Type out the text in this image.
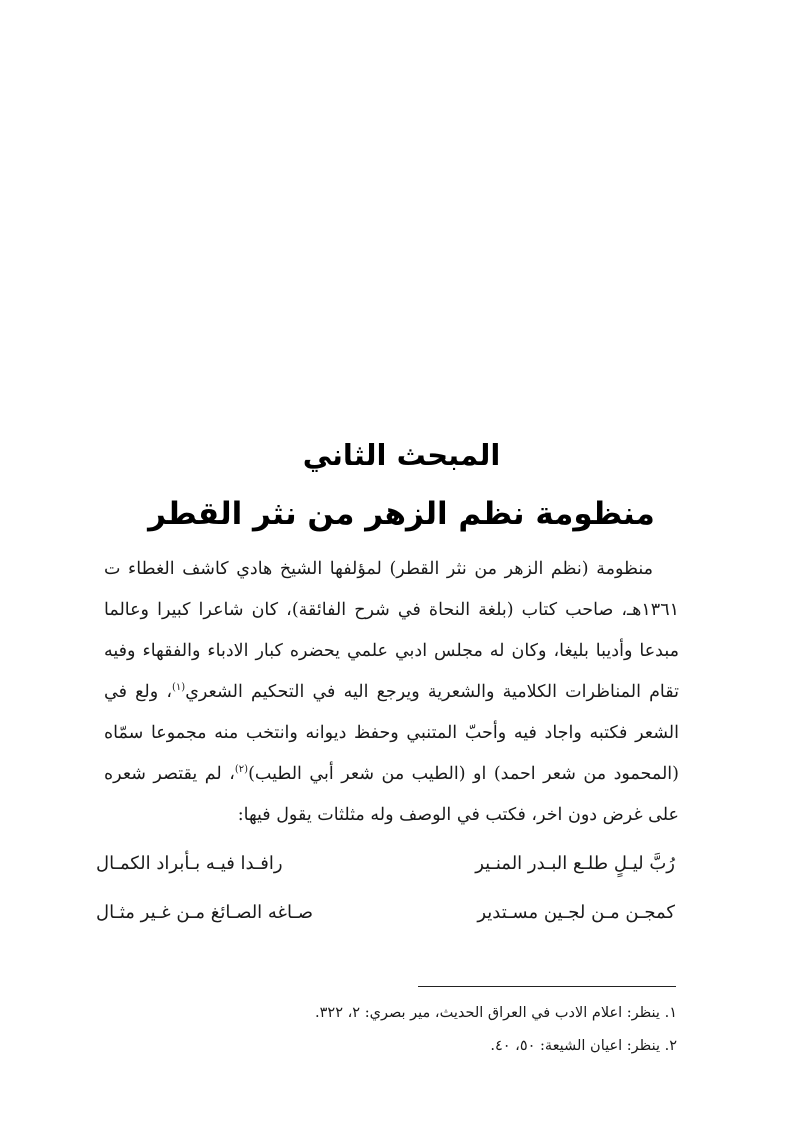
المبحث الثاني
منظومة نظم الزهر من نثر القطر

منظومة (نظم الزهر من نثر القطر) لمؤلفها الشيخ هادي كاشف الغطاء ت ١٣٦١هـ، صاحب كتاب (بلغة النحاة في شرح الفائقة)، كان شاعرا كبيرا وعالما مبدعا وأديبا بليغا، وكان له مجلس ادبي علمي يحضره كبار الادباء والفقهاء وفيه تقام المناظرات الكلامية والشعرية ويرجع اليه في التحكيم الشعري$^{(١)}$، ولع في الشعر فكتبه واجاد فيه وأحبّ المتنبي وحفظ ديوانه وانتخب منه مجموعا سمّاه (المحمود من شعر احمد) او (الطيب من شعر أبي الطيب)$^{(٢)}$، لم يقتصر شعره على غرض دون اخر، فكتب في الوصف وله مثلثات يقول فيها:

رُبَّ ليـلٍ طلـع البـدر المنـير
رافـدا فيـه بـأبراد الكمـال
كمجـن مـن لجـين مسـتدير
صـاغه الصـائغ مـن غـير مثـال
١. ينظر: اعلام الادب في العراق الحديث، مير بصري: ٢، ٣٢٢.
٢. ينظر: اعيان الشيعة: ٥٠، ٤٠.
